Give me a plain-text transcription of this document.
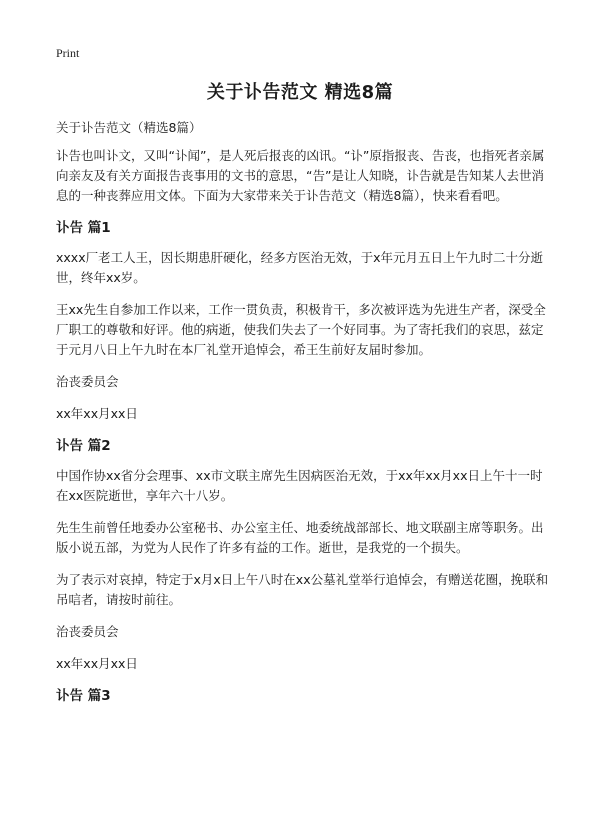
Print
关于讣告范文 精选8篇

关于讣告范文（精选8篇）

讣告也叫讣文，又叫“讣闻”，是人死后报丧的凶讯。“讣”原指报丧、告丧，也指死者亲属向亲友及有关方面报告丧事用的文书的意思，“告”是让人知晓，讣告就是告知某人去世消息的一种丧葬应用文体。下面为大家带来关于讣告范文（精选8篇），快来看看吧。

讣告 篇1

xxxx厂老工人王，因长期患肝硬化，经多方医治无效，于x年元月五日上午九时二十分逝世，终年xx岁。

王xx先生自参加工作以来，工作一贯负责，积极肯干，多次被评选为先进生产者，深受全厂职工的尊敬和好评。他的病逝，使我们失去了一个好同事。为了寄托我们的哀思，兹定于元月八日上午九时在本厂礼堂开追悼会，希王生前好友届时参加。

治丧委员会

xx年xx月xx日

讣告 篇2

中国作协xx省分会理事、xx市文联主席先生因病医治无效，于xx年xx月xx日上午十一时在xx医院逝世，享年六十八岁。

先生生前曾任地委办公室秘书、办公室主任、地委统战部部长、地文联副主席等职务。出版小说五部，为党为人民作了许多有益的工作。逝世，是我党的一个损失。

为了表示对哀掉，特定于x月x日上午八时在xx公墓礼堂举行追悼会，有赠送花圈，挽联和吊唁者，请按时前往。

治丧委员会

xx年xx月xx日

讣告 篇3
